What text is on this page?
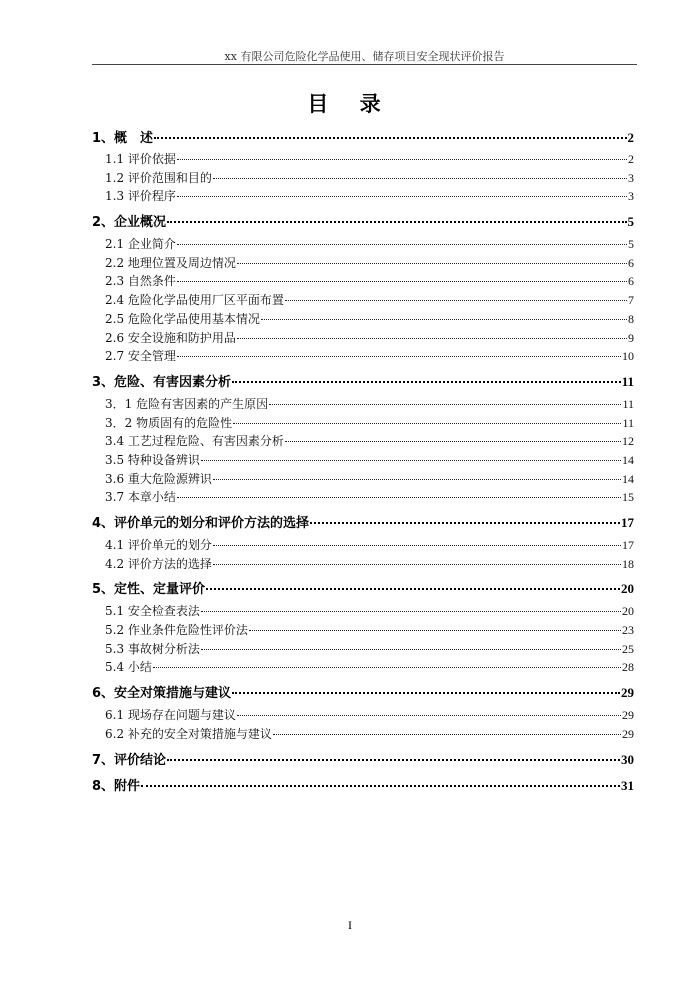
xx 有限公司危险化学品使用、储存项目安全现状评价报告
目 录
1、概　述	2
1.1 评价依据	2
1.2 评价范围和目的	3
1.3 评价程序	3
2、企业概况	5
2.1 企业简介	5
2.2 地理位置及周边情况	6
2.3 自然条件	6
2.4 危险化学品使用厂区平面布置	7
2.5 危险化学品使用基本情况	8
2.6 安全设施和防护用品	9
2.7 安全管理	10
3、危险、有害因素分析	11
3．1 危险有害因素的产生原因	11
3．2 物质固有的危险性	11
3.4 工艺过程危险、有害因素分析	12
3.5 特种设备辨识	14
3.6 重大危险源辨识	14
3.7 本章小结	15
4、评价单元的划分和评价方法的选择	17
4.1 评价单元的划分	17
4.2 评价方法的选择	18
5、定性、定量评价	20
5.1 安全检查表法	20
5.2 作业条件危险性评价法	23
5.3 事故树分析法	25
5.4 小结	28
6、安全对策措施与建议	29
6.1 现场存在问题与建议	29
6.2 补充的安全对策措施与建议	29
7、评价结论	30
8、附件	31
I
